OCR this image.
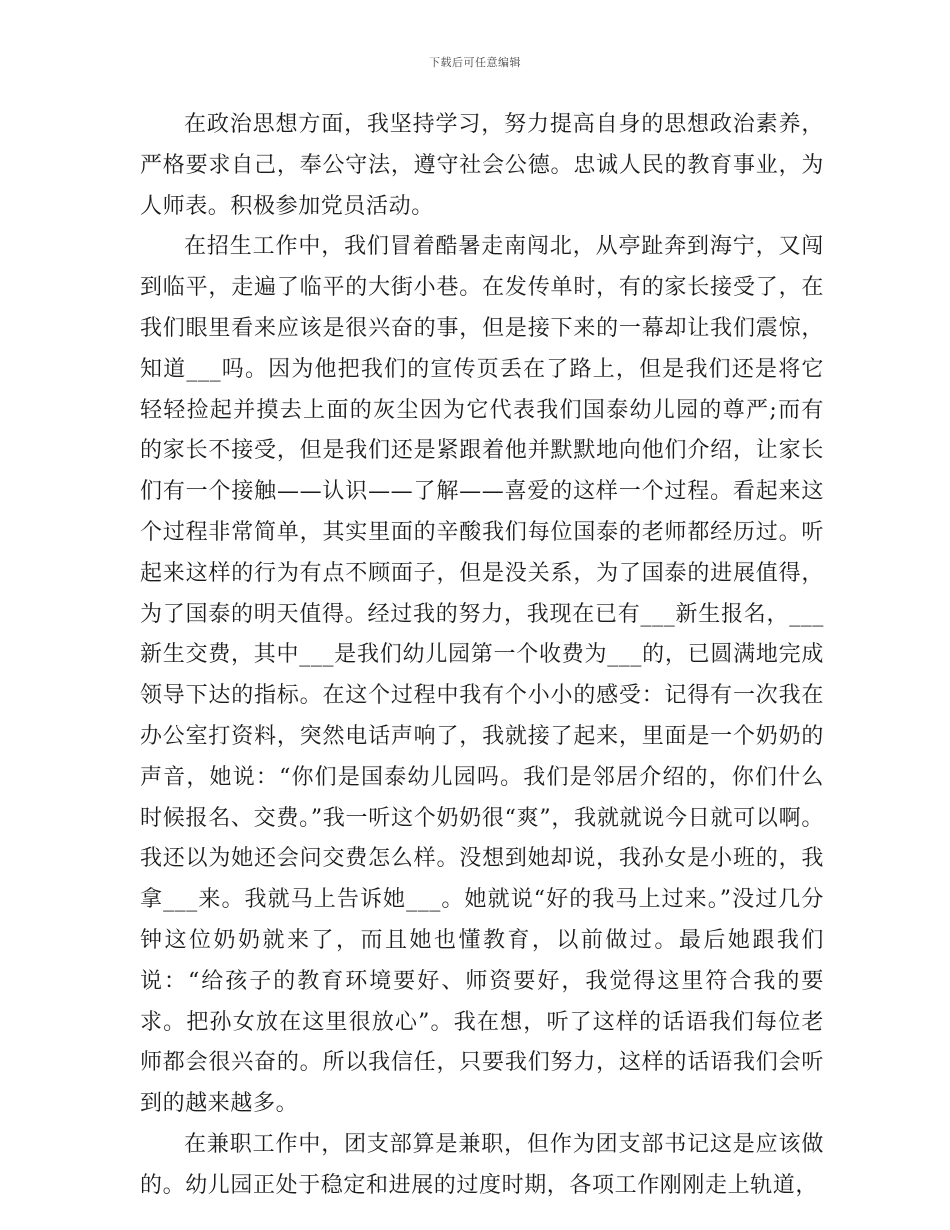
下载后可任意编辑

在政治思想方面，我坚持学习，努力提高自身的思想政治素养，严格要求自己，奉公守法，遵守社会公德。忠诚人民的教育事业，为人师表。积极参加党员活动。

在招生工作中，我们冒着酷暑走南闯北，从亭趾奔到海宁，又闯到临平，走遍了临平的大街小巷。在发传单时，有的家长接受了，在我们眼里看来应该是很兴奋的事，但是接下来的一幕却让我们震惊，知道___吗。因为他把我们的宣传页丢在了路上，但是我们还是将它轻轻捡起并摸去上面的灰尘因为它代表我们国泰幼儿园的尊严;而有的家长不接受，但是我们还是紧跟着他并默默地向他们介绍，让家长们有一个接触——认识——了解——喜爱的这样一个过程。看起来这个过程非常简单，其实里面的辛酸我们每位国泰的老师都经历过。听起来这样的行为有点不顾面子，但是没关系，为了国泰的进展值得，为了国泰的明天值得。经过我的努力，我现在已有___新生报名，___新生交费，其中___是我们幼儿园第一个收费为___的，已圆满地完成领导下达的指标。在这个过程中我有个小小的感受：记得有一次我在办公室打资料，突然电话声响了，我就接了起来，里面是一个奶奶的声音，她说：“你们是国泰幼儿园吗。我们是邻居介绍的，你们什么时候报名、交费。”我一听这个奶奶很“爽”，我就就说今日就可以啊。我还以为她还会问交费怎么样。没想到她却说，我孙女是小班的，我拿___来。我就马上告诉她___。她就说“好的我马上过来。”没过几分钟这位奶奶就来了，而且她也懂教育，以前做过。最后她跟我们说：“给孩子的教育环境要好、师资要好，我觉得这里符合我的要求。把孙女放在这里很放心”。我在想，听了这样的话语我们每位老师都会很兴奋的。所以我信任，只要我们努力，这样的话语我们会听到的越来越多。

在兼职工作中，团支部算是兼职，但作为团支部书记这是应该做的。幼儿园正处于稳定和进展的过度时期，各项工作刚刚走上轨道，
